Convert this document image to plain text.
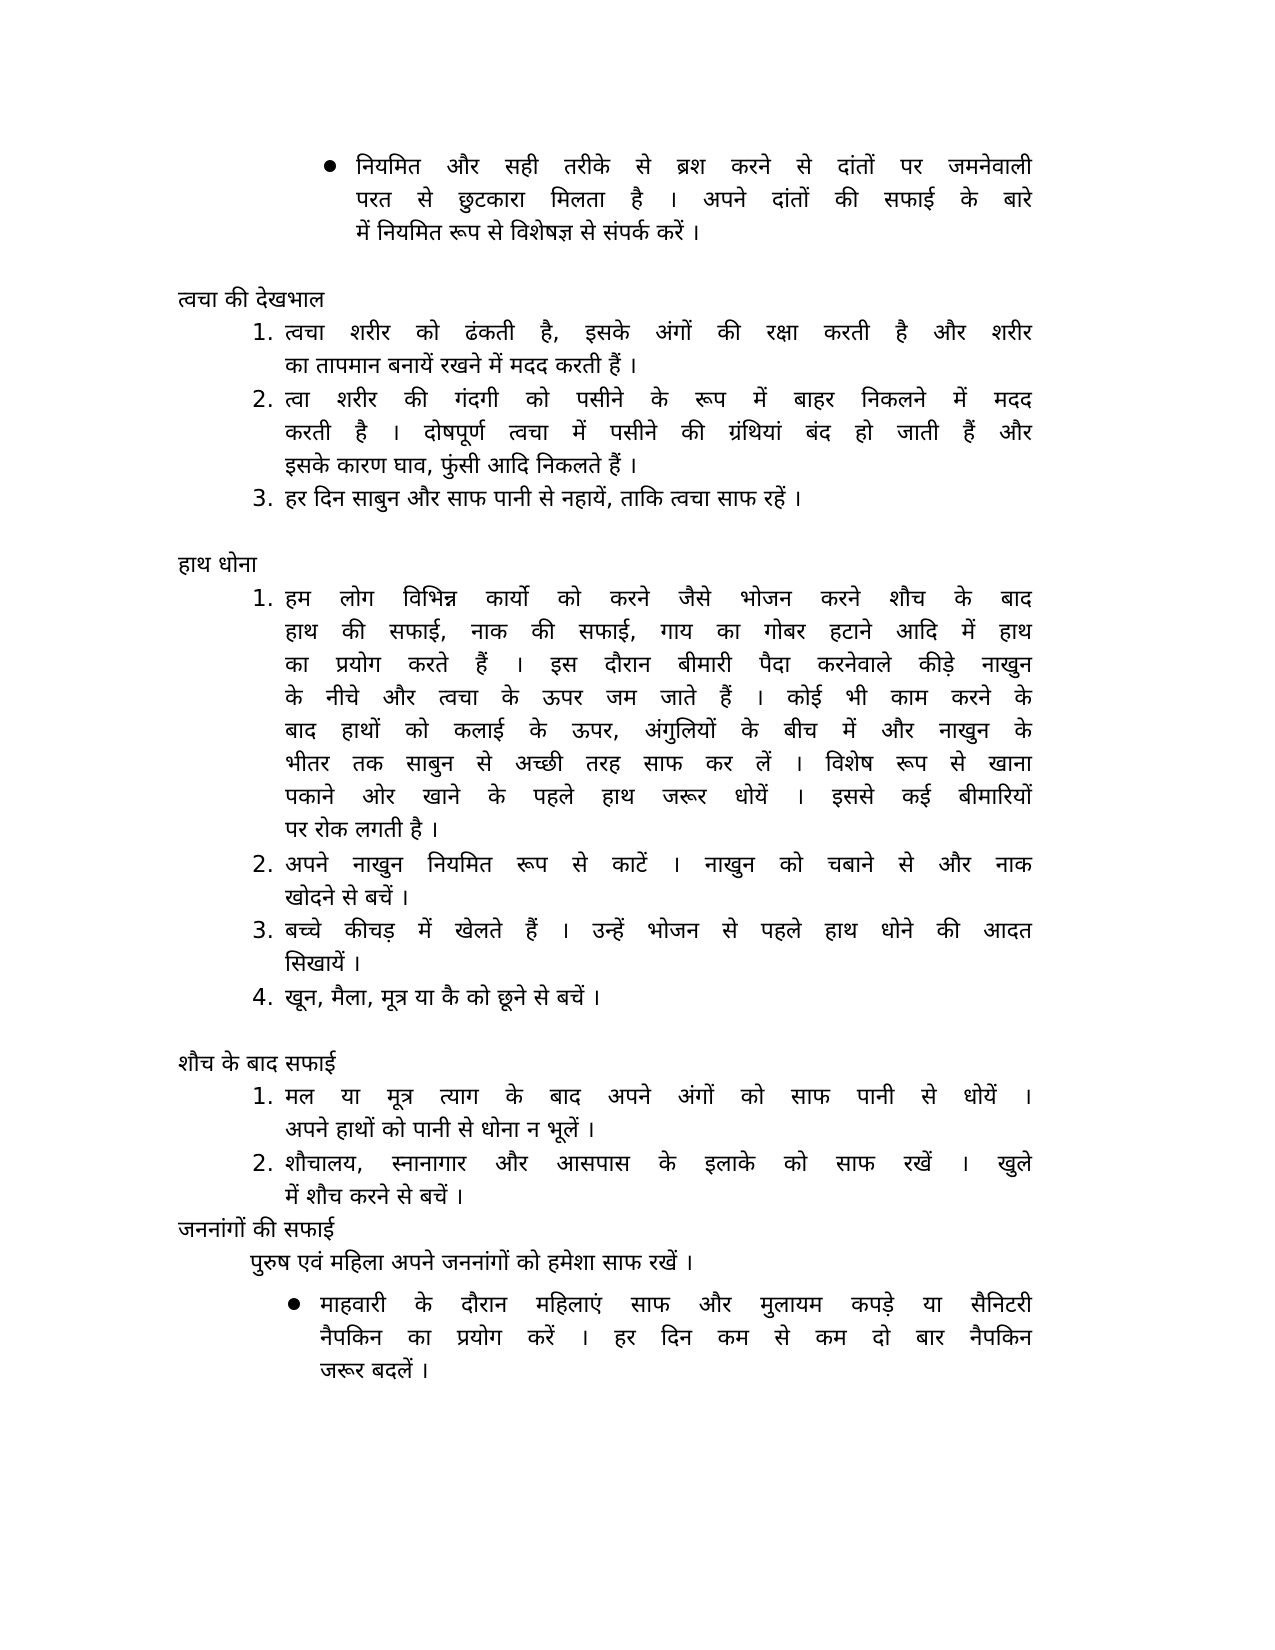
नियमित और सही तरीके से ब्रश करने से दांतों पर जमनेवाली
परत से छुटकारा मिलता है । अपने दांतों की सफाई के बारे
में नियमित रूप से विशेषज्ञ से संपर्क करें ।
त्वचा की देखभाल
1. त्वचा शरीर को ढंकती है, इसके अंगों की रक्षा करती है और शरीर
का तापमान बनायें रखने में मदद करती हैं ।
2. त्वा शरीर की गंदगी को पसीने के रूप में बाहर निकलने में मदद
करती है । दोषपूर्ण त्वचा में पसीने की ग्रंथियां बंद हो जाती हैं और
इसके कारण घाव, फुंसी आदि निकलते हैं ।
3. हर दिन साबुन और साफ पानी से नहायें, ताकि त्वचा साफ रहें ।
हाथ धोना
1. हम लोग विभिन्न कार्यो को करने जैसे भोजन करने शौच के बाद
हाथ की सफाई, नाक की सफाई, गाय का गोबर हटाने आदि में हाथ
का प्रयोग करते हैं । इस दौरान बीमारी पैदा करनेवाले कीड़े नाखुन
के नीचे और त्वचा के ऊपर जम जाते हैं । कोई भी काम करने के
बाद हाथों को कलाई के ऊपर, अंगुलियों के बीच में और नाखुन के
भीतर तक साबुन से अच्छी तरह साफ कर लें । विशेष रूप से खाना
पकाने ओर खाने के पहले हाथ जरूर धोयें । इससे कई बीमारियों
पर रोक लगती है ।
2. अपने नाखुन नियमित रूप से काटें । नाखुन को चबाने से और नाक
खोदने से बचें ।
3. बच्चे कीचड़ में खेलते हैं । उन्हें भोजन से पहले हाथ धोने की आदत
सिखायें ।
4. खून, मैला, मूत्र या कै को छूने से बचें ।
शौच के बाद सफाई
1. मल या मूत्र त्याग के बाद अपने अंगों को साफ पानी से धोयें ।
अपने हाथों को पानी से धोना न भूलें ।
2. शौचालय, स्नानागार और आसपास के इलाके को साफ रखें । खुले
में शौच करने से बचें ।
जननांगों की सफाई
पुरुष एवं महिला अपने जननांगों को हमेशा साफ रखें ।
माहवारी के दौरान महिलाएं साफ और मुलायम कपड़े या सैनिटरी
नैपकिन का प्रयोग करें । हर दिन कम से कम दो बार नैपकिन
जरूर बदलें ।
